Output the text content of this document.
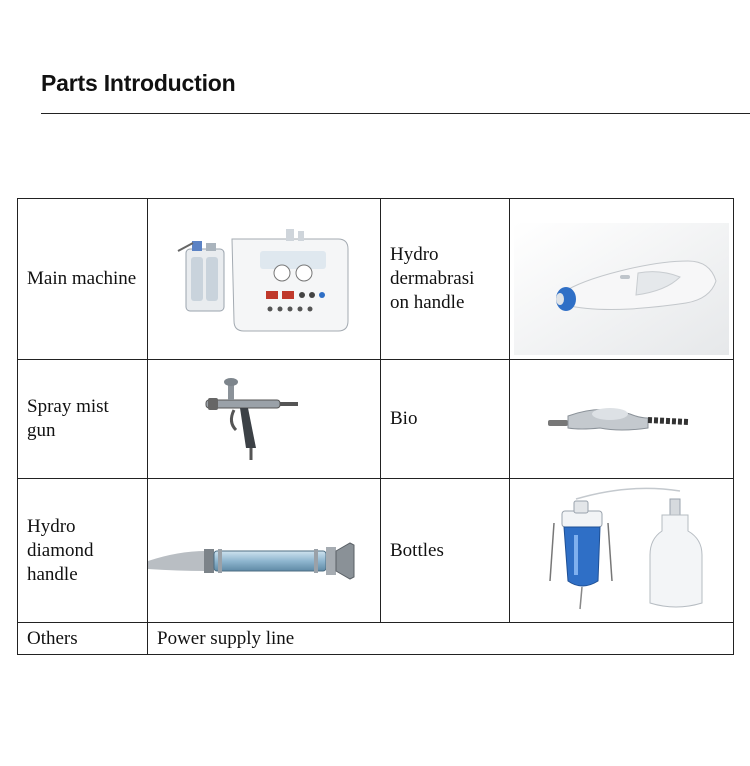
Parts Introduction
Main machine		Hydro
dermabrasi
on handle	

Spray mist
gun		Bio	

Hydro
diamond
handle		Bottles	

Others	Power supply line		
